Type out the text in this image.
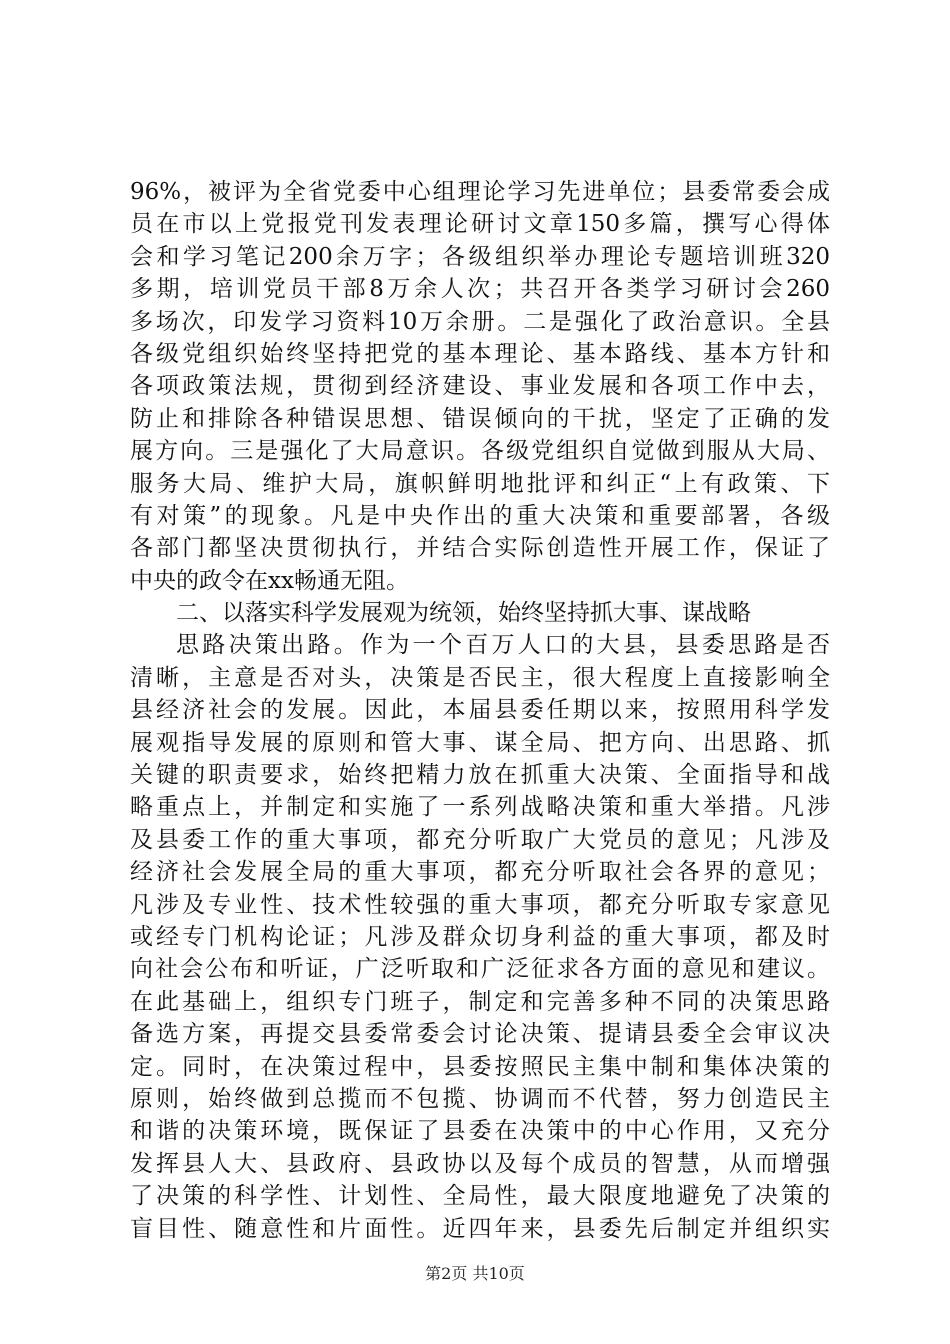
96%，被评为全省党委中心组理论学习先进单位；县委常委会成
员在市以上党报党刊发表理论研讨文章150多篇，撰写心得体
会和学习笔记200余万字；各级组织举办理论专题培训班320
多期，培训党员干部8万余人次；共召开各类学习研讨会260
多场次，印发学习资料10万余册。二是强化了政治意识。全县
各级党组织始终坚持把党的基本理论、基本路线、基本方针和
各项政策法规，贯彻到经济建设、事业发展和各项工作中去，
防止和排除各种错误思想、错误倾向的干扰，坚定了正确的发
展方向。三是强化了大局意识。各级党组织自觉做到服从大局、
服务大局、维护大局，旗帜鲜明地批评和纠正“上有政策、下
有对策”的现象。凡是中央作出的重大决策和重要部署，各级
各部门都坚决贯彻执行，并结合实际创造性开展工作，保证了
中央的政令在xx畅通无阻。
二、以落实科学发展观为统领，始终坚持抓大事、谋战略
思路决策出路。作为一个百万人口的大县，县委思路是否
清晰，主意是否对头，决策是否民主，很大程度上直接影响全
县经济社会的发展。因此，本届县委任期以来，按照用科学发
展观指导发展的原则和管大事、谋全局、把方向、出思路、抓
关键的职责要求，始终把精力放在抓重大决策、全面指导和战
略重点上，并制定和实施了一系列战略决策和重大举措。凡涉
及县委工作的重大事项，都充分听取广大党员的意见；凡涉及
经济社会发展全局的重大事项，都充分听取社会各界的意见；
凡涉及专业性、技术性较强的重大事项，都充分听取专家意见
或经专门机构论证；凡涉及群众切身利益的重大事项，都及时
向社会公布和听证，广泛听取和广泛征求各方面的意见和建议。
在此基础上，组织专门班子，制定和完善多种不同的决策思路
备选方案，再提交县委常委会讨论决策、提请县委全会审议决
定。同时，在决策过程中，县委按照民主集中制和集体决策的
原则，始终做到总揽而不包揽、协调而不代替，努力创造民主
和谐的决策环境，既保证了县委在决策中的中心作用，又充分
发挥县人大、县政府、县政协以及每个成员的智慧，从而增强
了决策的科学性、计划性、全局性，最大限度地避免了决策的
盲目性、随意性和片面性。近四年来，县委先后制定并组织实
第2页 共10页
